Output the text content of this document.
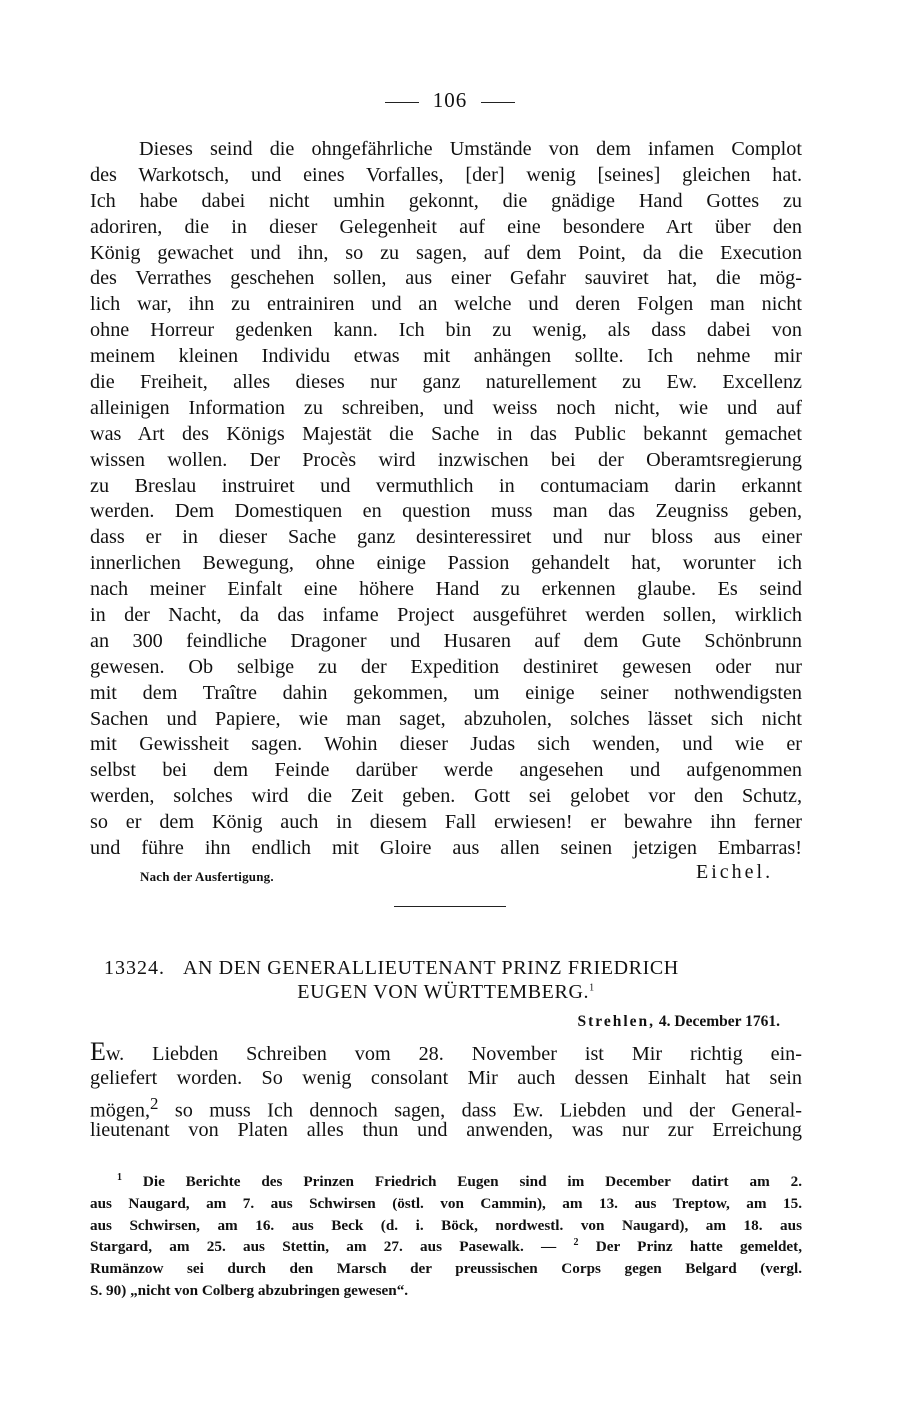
106
Dieses seind die ohngefährliche Umstände von dem infamen Complot
des Warkotsch, und eines Vorfalles, [der] wenig [seines] gleichen hat.
Ich habe dabei nicht umhin gekonnt, die gnädige Hand Gottes zu
adoriren, die in dieser Gelegenheit auf eine besondere Art über den
König gewachet und ihn, so zu sagen, auf dem Point, da die Execution
des Verrathes geschehen sollen, aus einer Gefahr sauviret hat, die mög-
lich war, ihn zu entrainiren und an welche und deren Folgen man nicht
ohne Horreur gedenken kann. Ich bin zu wenig, als dass dabei von
meinem kleinen Individu etwas mit anhängen sollte. Ich nehme mir
die Freiheit, alles dieses nur ganz naturellement zu Ew. Excellenz
alleinigen Information zu schreiben, und weiss noch nicht, wie und auf
was Art des Königs Majestät die Sache in das Public bekannt gemachet
wissen wollen. Der Procès wird inzwischen bei der Oberamtsregierung
zu Breslau instruiret und vermuthlich in contumaciam darin erkannt
werden. Dem Domestiquen en question muss man das Zeugniss geben,
dass er in dieser Sache ganz desinteressiret und nur bloss aus einer
innerlichen Bewegung, ohne einige Passion gehandelt hat, worunter ich
nach meiner Einfalt eine höhere Hand zu erkennen glaube. Es seind
in der Nacht, da das infame Project ausgeführet werden sollen, wirklich
an 300 feindliche Dragoner und Husaren auf dem Gute Schönbrunn
gewesen. Ob selbige zu der Expedition destiniret gewesen oder nur
mit dem Traître dahin gekommen, um einige seiner nothwendigsten
Sachen und Papiere, wie man saget, abzuholen, solches lässet sich nicht
mit Gewissheit sagen. Wohin dieser Judas sich wenden, und wie er
selbst bei dem Feinde darüber werde angesehen und aufgenommen
werden, solches wird die Zeit geben. Gott sei gelobet vor den Schutz,
so er dem König auch in diesem Fall erwiesen! er bewahre ihn ferner
und führe ihn endlich mit Gloire aus allen seinen jetzigen Embarras!
Nach der Ausfertigung.	Eichel.
13324. AN DEN GENERALLIEUTENANT PRINZ FRIEDRICH
EUGEN VON WÜRTTEMBERG.$^1$
Strehlen, 4. December 1761.
Ew. Liebden Schreiben vom 28. November ist Mir richtig ein-
geliefert worden. So wenig consolant Mir auch dessen Einhalt hat sein
mögen,$^2$ so muss Ich dennoch sagen, dass Ew. Liebden und der General-
lieutenant von Platen alles thun und anwenden, was nur zur Erreichung
$^1$ Die Berichte des Prinzen Friedrich Eugen sind im December datirt am 2.
aus Naugard, am 7. aus Schwirsen (östl. von Cammin), am 13. aus Treptow, am 15.
aus Schwirsen, am 16. aus Beck (d. i. Böck, nordwestl. von Naugard), am 18. aus
Stargard, am 25. aus Stettin, am 27. aus Pasewalk. — $^2$ Der Prinz hatte gemeldet,
Rumänzow sei durch den Marsch der preussischen Corps gegen Belgard (vergl.
S. 90) „nicht von Colberg abzubringen gewesen“.
